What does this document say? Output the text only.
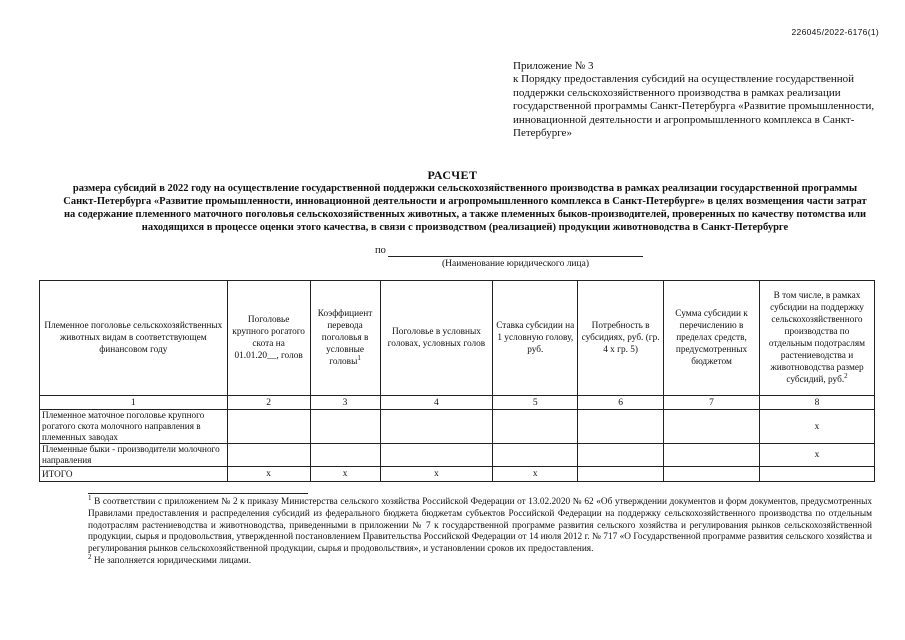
226045/2022-6176(1)
Приложение № 3
к Порядку предоставления субсидий на осуществление государственной поддержки сельскохозяйственного производства в рамках реализации государственной программы Санкт-Петербурга «Развитие промышленности, инновационной деятельности и агропромышленного комплекса в Санкт-Петербурге»
РАСЧЕТ
размера субсидий в 2022 году на осуществление государственной поддержки сельскохозяйственного производства в рамках реализации государственной программы Санкт-Петербурга «Развитие промышленности, инновационной деятельности и агропромышленного комплекса в Санкт-Петербурге» в целях возмещения части затрат на содержание племенного маточного поголовья сельскохозяйственных животных, а также племенных быков-производителей, проверенных по качеству потомства или находящихся в процессе оценки этого качества, в связи с производством (реализацией) продукции животноводства в Санкт-Петербурге
по
(Наименование юридического лица)
Племенное поголовье сельскохозяйственных животных видам в соответствующем финансовом году	Поголовье крупного рогатого скота на 01.01.20__, голов	Коэффициент перевода поголовья в условные головы$^1$	Поголовье в условных головах, условных голов	Ставка субсидии на 1 условную голову, руб.	Потребность в субсидиях, руб. (гр. 4 х гр. 5)	Сумма субсидии к перечислению в пределах средств, предусмотренных бюджетом	В том числе, в рамках субсидии на поддержку сельскохозяйственного производства по отдельным подотраслям растениеводства и животноводства размер субсидий, руб.$^2$
1	2	3	4	5	6	7	8
Племенное маточное поголовье крупного рогатого скота молочного направления в племенных заводах							х
Племенные быки - производители молочного направления							х
ИТОГО	х	х	х	х			

$^1$ В соответствии с приложением № 2 к приказу Министерства сельского хозяйства Российской Федерации от 13.02.2020 № 62 «Об утверждении документов и форм документов, предусмотренных Правилами предоставления и распределения субсидий из федерального бюджета бюджетам субъектов Российской Федерации на поддержку сельскохозяйственного производства по отдельным подотраслям растениеводства и животноводства, приведенными в приложении № 7 к государственной программе развития сельского хозяйства и регулирования рынков сельскохозяйственной продукции, сырья и продовольствия, утвержденной постановлением Правительства Российской Федерации от 14 июля 2012 г. № 717 «О Государственной программе развития сельского хозяйства и регулирования рынков сельскохозяйственной продукции, сырья и продовольствия», и установлении сроков их предоставления.

$^2$ Не заполняется юридическими лицами.
